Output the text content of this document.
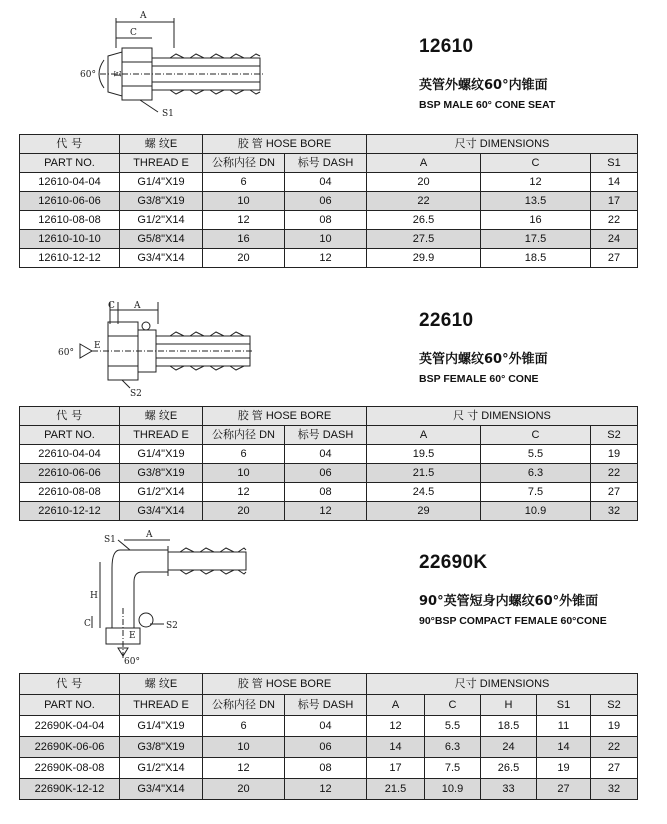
A
C
60° E
S1
12610
英管外螺纹60°内锥面
BSP MALE 60° CONE SEAT
代 号	螺 纹E	胶 管 HOSE BORE		尺寸 DIMENSIONS		
PART NO.	THREAD E	公称内径 DN	标号 DASH	A	C	S1
12610-04-04	G1/4"X19	6	04	20	12	14
12610-06-06	G3/8"X19	10	06	22	13.5	17
12610-08-08	G1/2"X14	12	08	26.5	16	22
12610-10-10	G5/8"X14	16	10	27.5	17.5	24
12610-12-12	G3/4"X14	20	12	29.9	18.5	27
C A
60°
E
S2
22610
英管内螺纹60°外锥面
BSP FEMALE 60° CONE
代 号	螺 纹E	胶 管 HOSE BORE		尺 寸 DIMENSIONS		
PART NO.	THREAD E	公称内径 DN	标号 DASH	A	C	S2
22610-04-04	G1/4"X19	6	04	19.5	5.5	19
22610-06-06	G3/8"X19	10	06	21.5	6.3	22
22610-08-08	G1/2"X14	12	08	24.5	7.5	27
22610-12-12	G3/4"X14	20	12	29	10.9	32
S1	A
H
C
E
S2
60°
22690K
90°英管短身内螺纹60°外锥面
90°BSP COMPACT FEMALE 60°CONE
代 号	螺 纹E	胶 管 HOSE BORE		尺寸 DIMENSIONS				
PART NO.	THREAD E	公称内径 DN	标号 DASH	A	C	H	S1	S2
22690K-04-04	G1/4"X19	6	04	12	5.5	18.5	11	19
22690K-06-06	G3/8"X19	10	06	14	6.3	24	14	22
22690K-08-08	G1/2"X14	12	08	17	7.5	26.5	19	27
22690K-12-12	G3/4"X14	20	12	21.5	10.9	33	27	32
